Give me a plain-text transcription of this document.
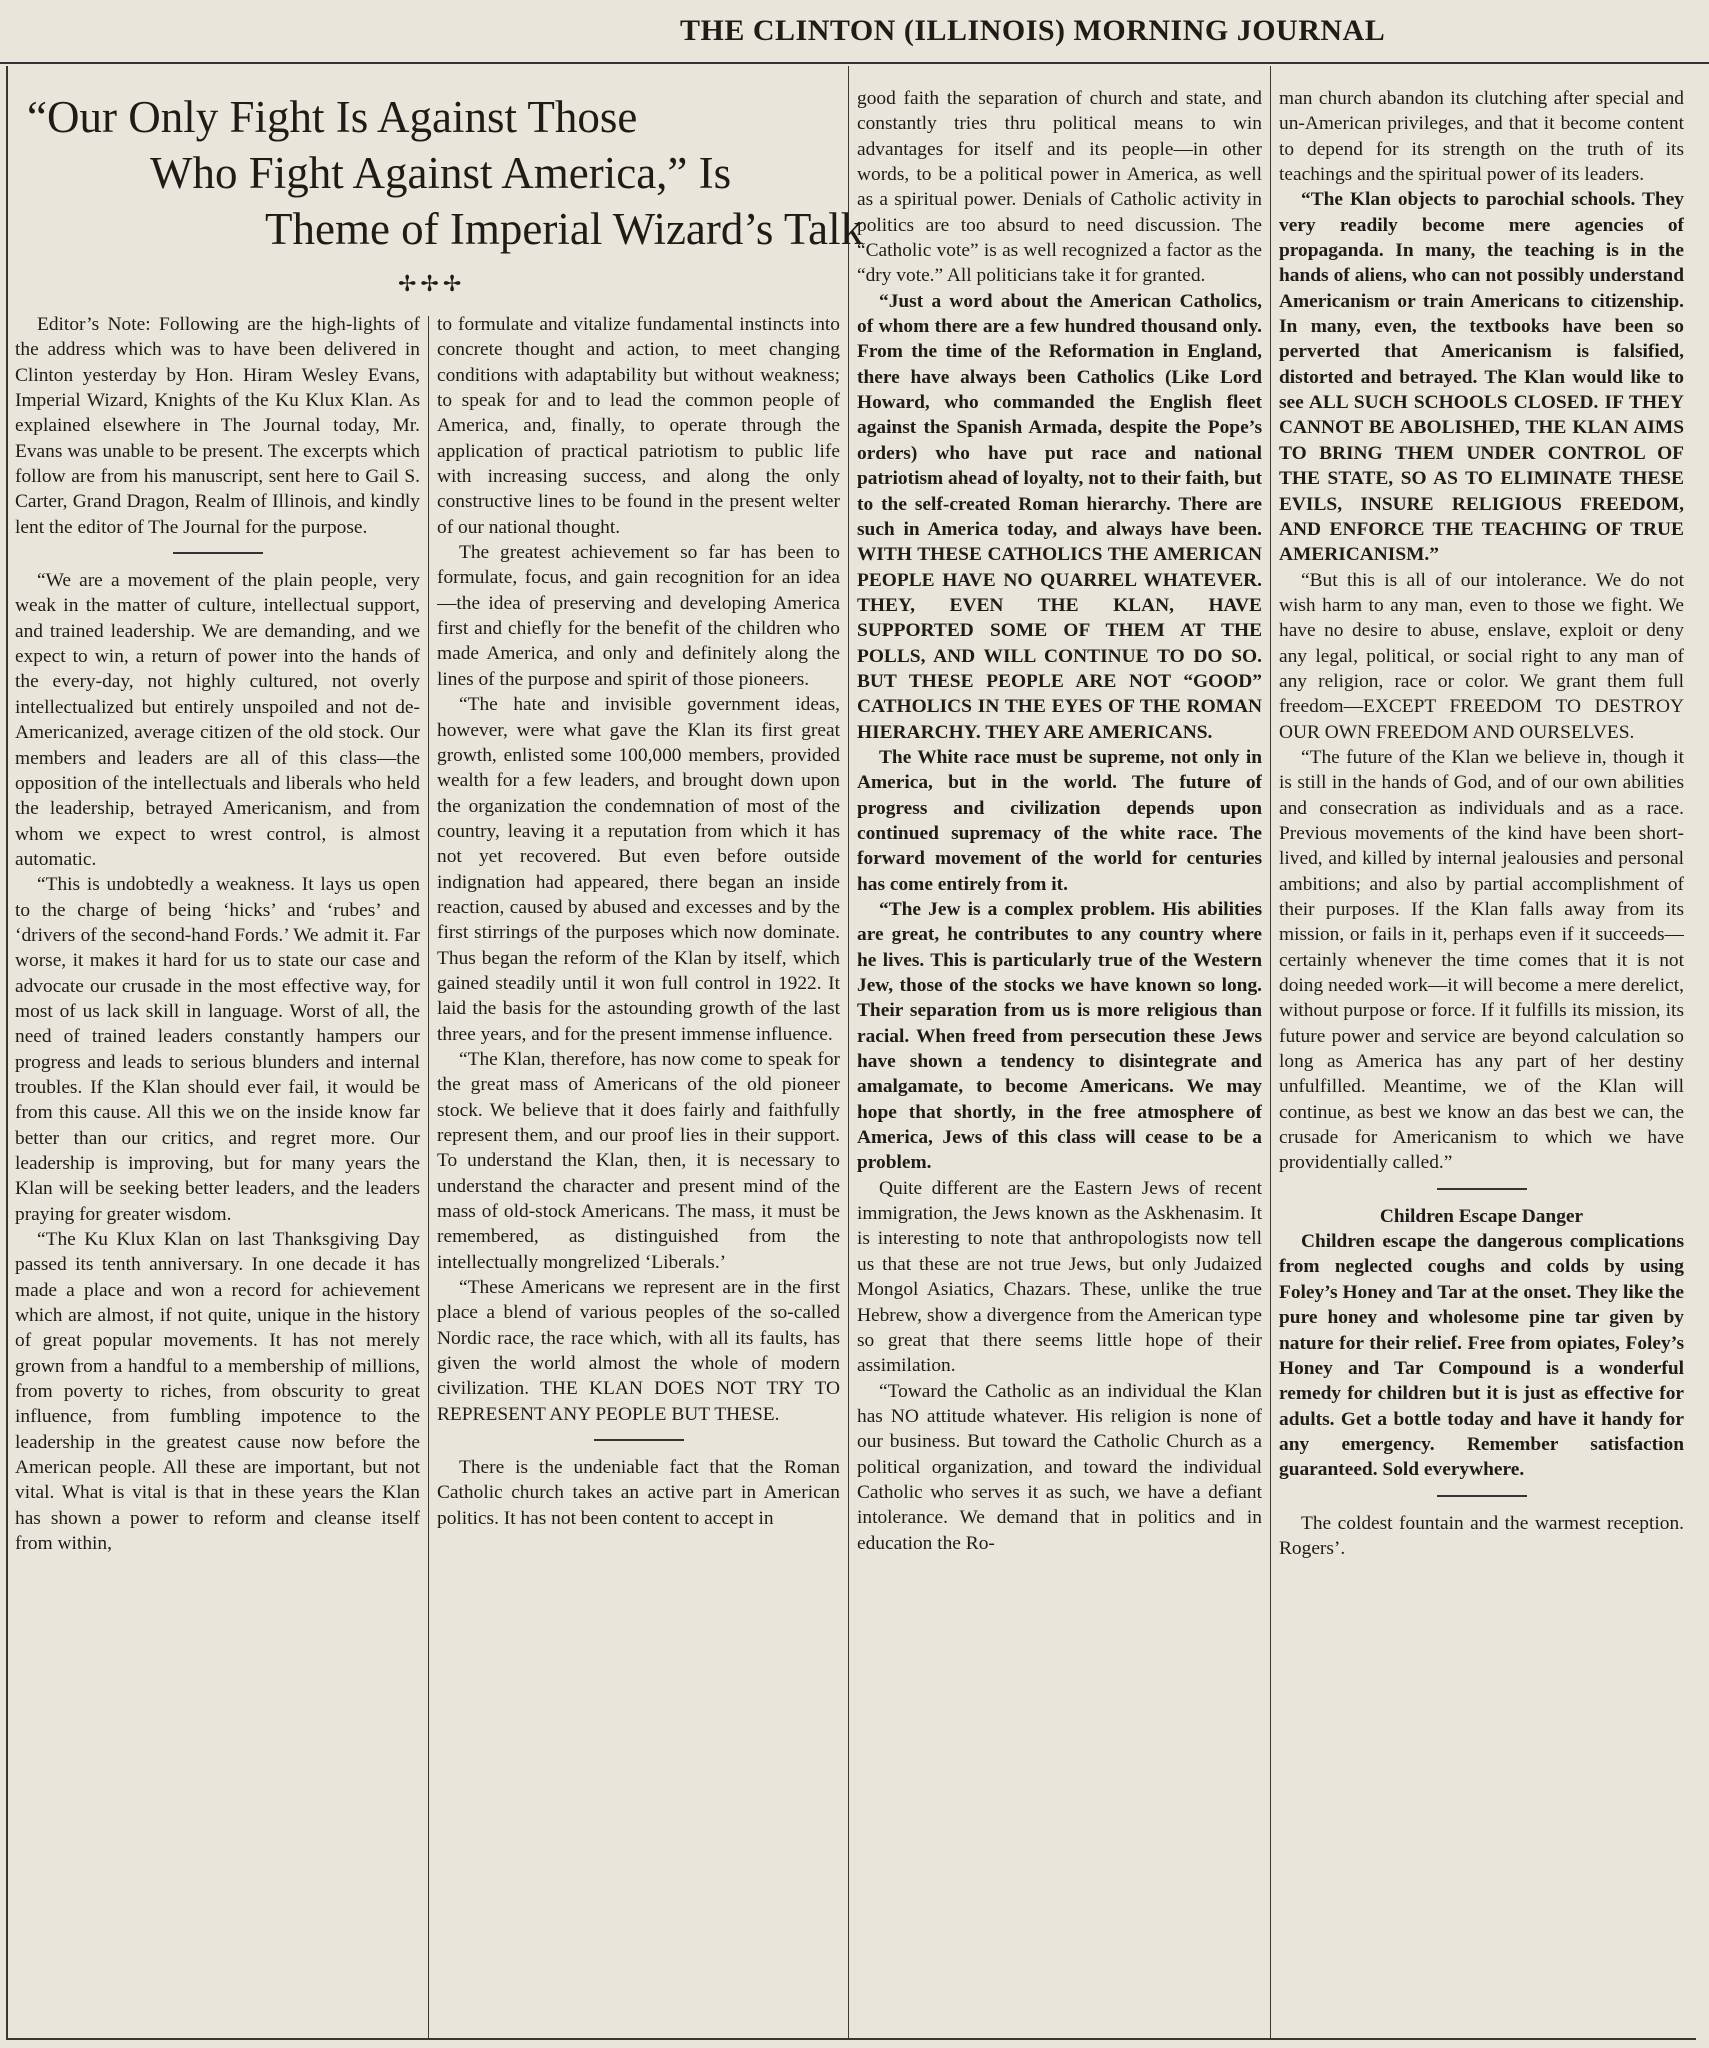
THE CLINTON (ILLINOIS) MORNING JOURNAL
“Our Only Fight Is Against Those
Who Fight Against America,” Is
Theme of Imperial Wizard’s Talk
✢✢✢

Editor’s Note: Following are the high-lights of the address which was to have been delivered in Clinton yesterday by Hon. Hiram Wesley Evans, Imperial Wizard, Knights of the Ku Klux Klan. As explained elsewhere in The Journal today, Mr. Evans was unable to be present. The excerpts which follow are from his manuscript, sent here to Gail S. Carter, Grand Dragon, Realm of Illinois, and kindly lent the editor of The Journal for the purpose.

“We are a movement of the plain people, very weak in the matter of culture, intellectual support, and trained leadership. We are demanding, and we expect to win, a return of power into the hands of the every-day, not highly cultured, not overly intellectualized but entirely unspoiled and not de-Americanized, average citizen of the old stock. Our members and leaders are all of this class—the opposition of the intellectuals and liberals who held the leadership, betrayed Americanism, and from whom we expect to wrest control, is almost automatic.

“This is undobtedly a weakness. It lays us open to the charge of being ‘hicks’ and ‘rubes’ and ‘drivers of the second-hand Fords.’ We admit it. Far worse, it makes it hard for us to state our case and advocate our crusade in the most effective way, for most of us lack skill in language. Worst of all, the need of trained leaders constantly hampers our progress and leads to serious blunders and internal troubles. If the Klan should ever fail, it would be from this cause. All this we on the inside know far better than our critics, and regret more. Our leadership is improving, but for many years the Klan will be seeking better leaders, and the leaders praying for greater wisdom.

“The Ku Klux Klan on last Thanksgiving Day passed its tenth anniversary. In one decade it has made a place and won a record for achievement which are almost, if not quite, unique in the history of great popular movements. It has not merely grown from a handful to a membership of millions, from poverty to riches, from obscurity to great influence, from fumbling impotence to the leadership in the greatest cause now before the American people. All these are important, but not vital. What is vital is that in these years the Klan has shown a power to reform and cleanse itself from within,

to formulate and vitalize fundamental instincts into concrete thought and action, to meet changing conditions with adaptability but without weakness; to speak for and to lead the common people of America, and, finally, to operate through the application of practical patriotism to public life with increasing success, and along the only constructive lines to be found in the present welter of our national thought.

The greatest achievement so far has been to formulate, focus, and gain recognition for an idea—the idea of preserving and developing America first and chiefly for the benefit of the children who made America, and only and definitely along the lines of the purpose and spirit of those pioneers.

“The hate and invisible government ideas, however, were what gave the Klan its first great growth, enlisted some 100,000 members, provided wealth for a few leaders, and brought down upon the organization the condemnation of most of the country, leaving it a reputation from which it has not yet recovered. But even before outside indignation had appeared, there began an inside reaction, caused by abused and excesses and by the first stirrings of the purposes which now dominate. Thus began the reform of the Klan by itself, which gained steadily until it won full control in 1922. It laid the basis for the astounding growth of the last three years, and for the present immense influence.

“The Klan, therefore, has now come to speak for the great mass of Americans of the old pioneer stock. We believe that it does fairly and faithfully represent them, and our proof lies in their support. To understand the Klan, then, it is necessary to understand the character and present mind of the mass of old-stock Americans. The mass, it must be remembered, as distinguished from the intellectually mongrelized ‘Liberals.’

“These Americans we represent are in the first place a blend of various peoples of the so-called Nordic race, the race which, with all its faults, has given the world almost the whole of modern civilization. THE KLAN DOES NOT TRY TO REPRESENT ANY PEOPLE BUT THESE.

There is the undeniable fact that the Roman Catholic church takes an active part in American politics. It has not been content to accept in

good faith the separation of church and state, and constantly tries thru political means to win advantages for itself and its people—in other words, to be a political power in America, as well as a spiritual power. Denials of Catholic activity in politics are too absurd to need discussion. The “Catholic vote” is as well recognized a factor as the “dry vote.” All politicians take it for granted.

“Just a word about the American Catholics, of whom there are a few hundred thousand only. From the time of the Reformation in England, there have always been Catholics (Like Lord Howard, who commanded the English fleet against the Spanish Armada, despite the Pope’s orders) who have put race and national patriotism ahead of loyalty, not to their faith, but to the self-created Roman hierarchy. There are such in America today, and always have been. WITH THESE CATHOLICS THE AMERICAN PEOPLE HAVE NO QUARREL WHATEVER. THEY, EVEN THE KLAN, HAVE SUPPORTED SOME OF THEM AT THE POLLS, AND WILL CONTINUE TO DO SO. BUT THESE PEOPLE ARE NOT “GOOD” CATHOLICS IN THE EYES OF THE ROMAN HIERARCHY. THEY ARE AMERICANS.

The White race must be supreme, not only in America, but in the world. The future of progress and civilization depends upon continued supremacy of the white race. The forward movement of the world for centuries has come entirely from it.

“The Jew is a complex problem. His abilities are great, he contributes to any country where he lives. This is particularly true of the Western Jew, those of the stocks we have known so long. Their separation from us is more religious than racial. When freed from persecution these Jews have shown a tendency to disintegrate and amalgamate, to become Americans. We may hope that shortly, in the free atmosphere of America, Jews of this class will cease to be a problem.

Quite different are the Eastern Jews of recent immigration, the Jews known as the Askhenasim. It is interesting to note that anthropologists now tell us that these are not true Jews, but only Judaized Mongol Asiatics, Chazars. These, unlike the true Hebrew, show a divergence from the American type so great that there seems little hope of their assimilation.

“Toward the Catholic as an individual the Klan has NO attitude whatever. His religion is none of our business. But toward the Catholic Church as a political organization, and toward the individual Catholic who serves it as such, we have a defiant intolerance. We demand that in politics and in education the Ro-

man church abandon its clutching after special and un-American privileges, and that it become content to depend for its strength on the truth of its teachings and the spiritual power of its leaders.

“The Klan objects to parochial schools. They very readily become mere agencies of propaganda. In many, the teaching is in the hands of aliens, who can not possibly understand Americanism or train Americans to citizenship. In many, even, the textbooks have been so perverted that Americanism is falsified, distorted and betrayed. The Klan would like to see ALL SUCH SCHOOLS CLOSED. IF THEY CANNOT BE ABOLISHED, THE KLAN AIMS TO BRING THEM UNDER CONTROL OF THE STATE, SO AS TO ELIMINATE THESE EVILS, INSURE RELIGIOUS FREEDOM, AND ENFORCE THE TEACHING OF TRUE AMERICANISM.”

“But this is all of our intolerance. We do not wish harm to any man, even to those we fight. We have no desire to abuse, enslave, exploit or deny any legal, political, or social right to any man of any religion, race or color. We grant them full freedom—EXCEPT FREEDOM TO DESTROY OUR OWN FREEDOM AND OURSELVES.

“The future of the Klan we believe in, though it is still in the hands of God, and of our own abilities and consecration as individuals and as a race. Previous movements of the kind have been short-lived, and killed by internal jealousies and personal ambitions; and also by partial accomplishment of their purposes. If the Klan falls away from its mission, or fails in it, perhaps even if it succeeds—certainly whenever the time comes that it is not doing needed work—it will become a mere derelict, without purpose or force. If it fulfills its mission, its future power and service are beyond calculation so long as America has any part of her destiny unfulfilled. Meantime, we of the Klan will continue, as best we know an das best we can, the crusade for Americanism to which we have providentially called.”

Children Escape Danger

Children escape the dangerous complications from neglected coughs and colds by using Foley’s Honey and Tar at the onset. They like the pure honey and wholesome pine tar given by nature for their relief. Free from opiates, Foley’s Honey and Tar Compound is a wonderful remedy for children but it is just as effective for adults. Get a bottle today and have it handy for any emergency. Remember satisfaction guaranteed. Sold everywhere.

The coldest fountain and the warmest reception. Rogers’.
